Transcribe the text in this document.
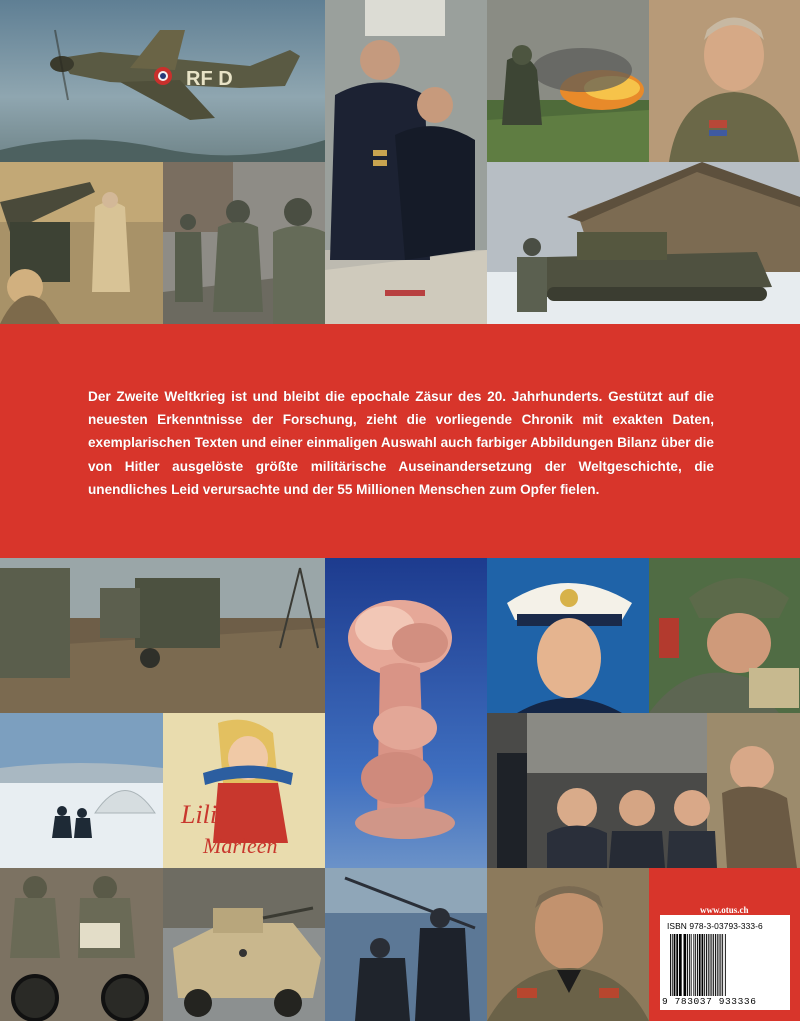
RF D

Der Zweite Weltkrieg ist und bleibt die epochale Zäsur des 20. Jahrhunderts. Gestützt auf die neuesten Erkenntnisse der Forschung, zieht die vorliegende Chronik mit exakten Daten, exemplarischen Texten und einer einmaligen Auswahl auch farbiger Abbildungen Bilanz über die von Hitler ausgelöste größte militärische Auseinandersetzung der Weltgeschichte, die unendliches Leid verursachte und der 55 Millionen Menschen zum Opfer fielen.

Lili
Marleen
www.otus.ch
ISBN 978-3-03793-333-6
9 783037 933336
